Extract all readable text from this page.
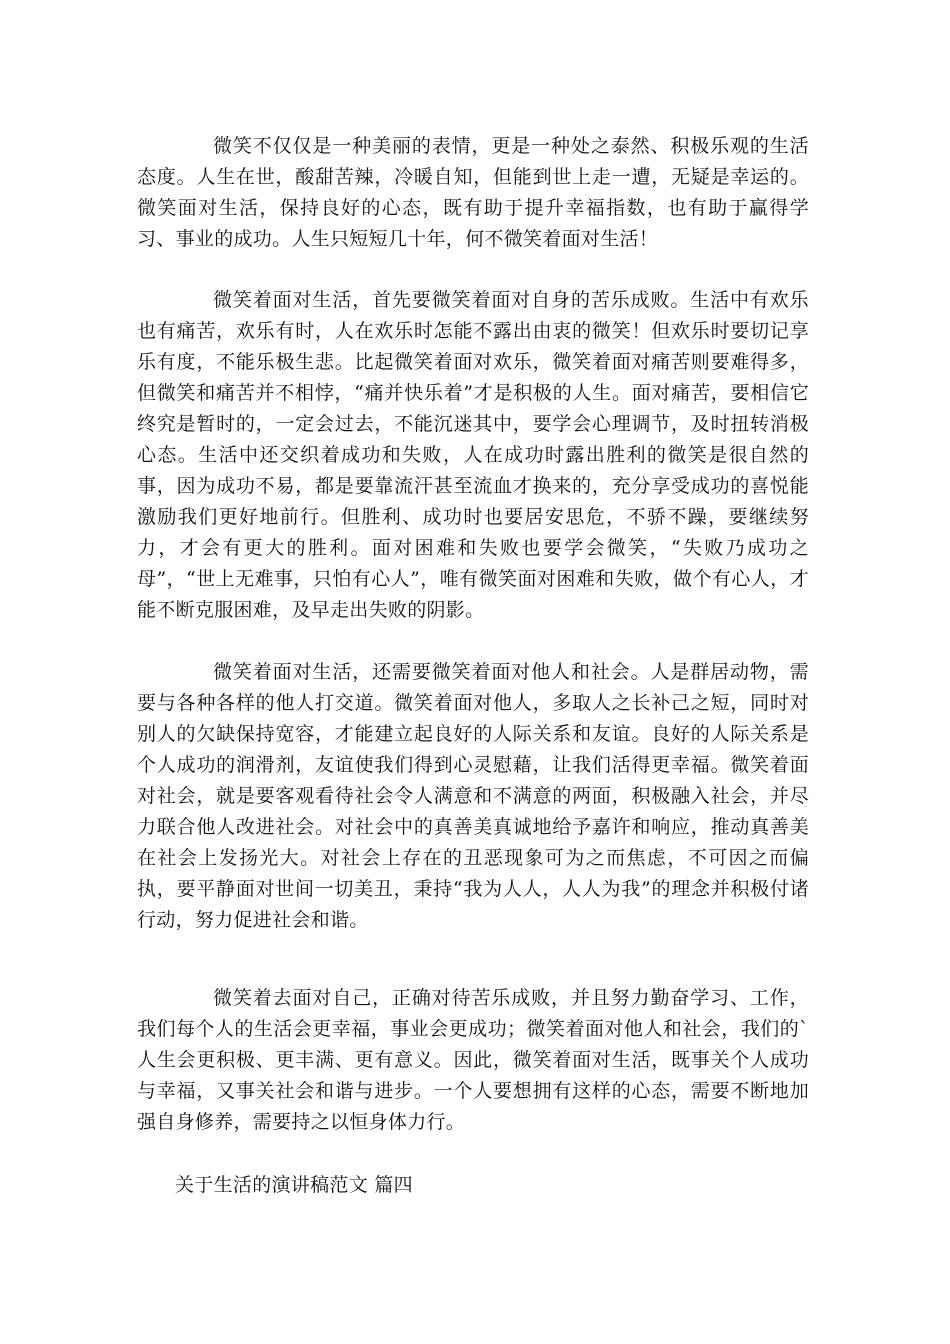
微笑不仅仅是一种美丽的表情，更是一种处之泰然、积极乐观的生活态度。人生在世，酸甜苦辣，冷暖自知，但能到世上走一遭，无疑是幸运的。微笑面对生活，保持良好的心态，既有助于提升幸福指数，也有助于赢得学习、事业的成功。人生只短短几十年，何不微笑着面对生活！

微笑着面对生活，首先要微笑着面对自身的苦乐成败。生活中有欢乐也有痛苦，欢乐有时，人在欢乐时怎能不露出由衷的微笑！但欢乐时要切记享乐有度，不能乐极生悲。比起微笑着面对欢乐，微笑着面对痛苦则要难得多，但微笑和痛苦并不相悖，“痛并快乐着”才是积极的人生。面对痛苦，要相信它终究是暂时的，一定会过去，不能沉迷其中，要学会心理调节，及时扭转消极心态。生活中还交织着成功和失败，人在成功时露出胜利的微笑是很自然的事，因为成功不易，都是要靠流汗甚至流血才换来的，充分享受成功的喜悦能激励我们更好地前行。但胜利、成功时也要居安思危，不骄不躁，要继续努力，才会有更大的胜利。面对困难和失败也要学会微笑，“失败乃成功之母”，“世上无难事，只怕有心人”，唯有微笑面对困难和失败，做个有心人，才能不断克服困难，及早走出失败的阴影。

微笑着面对生活，还需要微笑着面对他人和社会。人是群居动物，需要与各种各样的他人打交道。微笑着面对他人，多取人之长补己之短，同时对别人的欠缺保持宽容，才能建立起良好的人际关系和友谊。良好的人际关系是个人成功的润滑剂，友谊使我们得到心灵慰藉，让我们活得更幸福。微笑着面对社会，就是要客观看待社会令人满意和不满意的两面，积极融入社会，并尽力联合他人改进社会。对社会中的真善美真诚地给予嘉许和响应，推动真善美在社会上发扬光大。对社会上存在的丑恶现象可为之而焦虑，不可因之而偏执，要平静面对世间一切美丑，秉持“我为人人，人人为我”的理念并积极付诸行动，努力促进社会和谐。

微笑着去面对自己，正确对待苦乐成败，并且努力勤奋学习、工作，我们每个人的生活会更幸福，事业会更成功；微笑着面对他人和社会，我们的`人生会更积极、更丰满、更有意义。因此，微笑着面对生活，既事关个人成功与幸福，又事关社会和谐与进步。一个人要想拥有这样的心态，需要不断地加强自身修养，需要持之以恒身体力行。

关于生活的演讲稿范文 篇四
